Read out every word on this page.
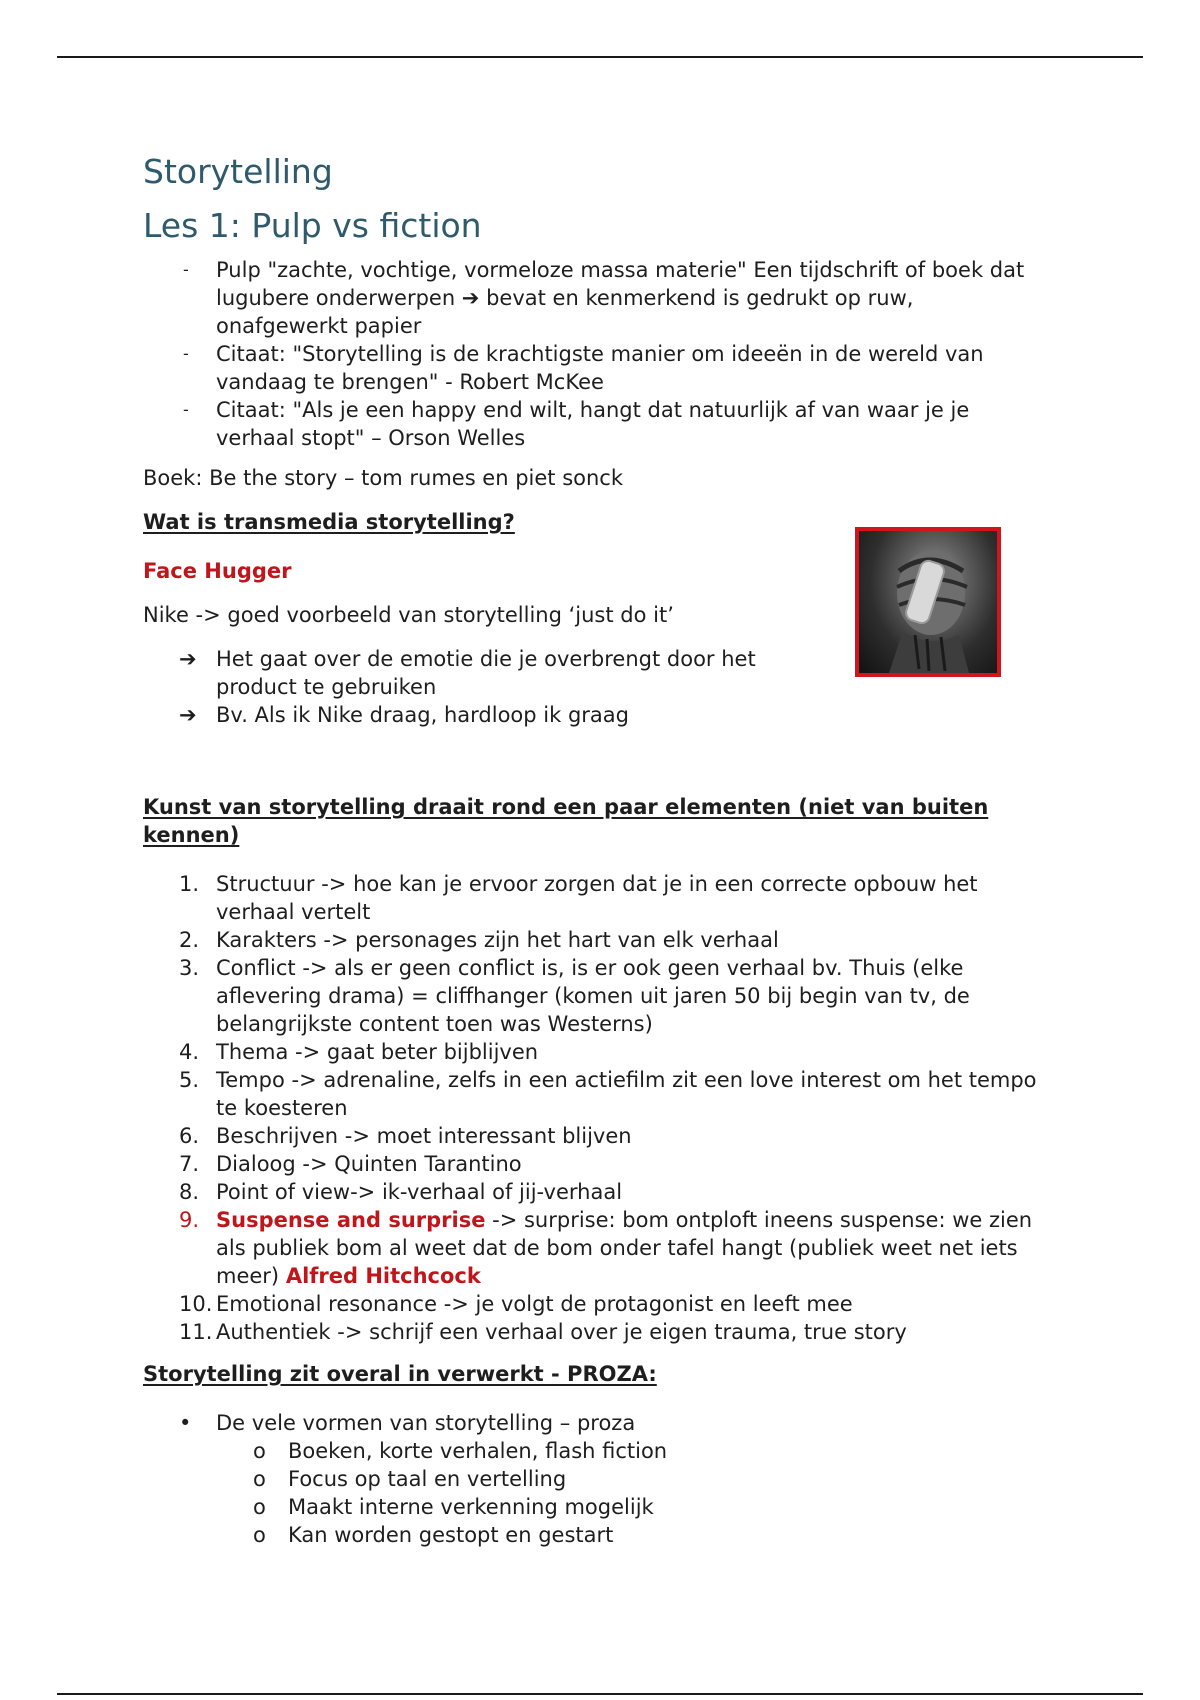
Storytelling
Les 1: Pulp vs fiction
- Pulp "zachte, vochtige, vormeloze massa materie" Een tijdschrift of boek dat lugubere onderwerpen ➔ bevat en kenmerkend is gedrukt op ruw, onafgewerkt papier
- Citaat: "Storytelling is de krachtigste manier om ideeën in de wereld van vandaag te brengen" - Robert McKee
- Citaat: "Als je een happy end wilt, hangt dat natuurlijk af van waar je je verhaal stopt" – Orson Welles

Boek: Be the story – tom rumes en piet sonck

Wat is transmedia storytelling?

Face Hugger

Nike -> goed voorbeeld van storytelling ‘just do it’

➔ Het gaat over de emotie die je overbrengt door het product te gebruiken
➔ Bv. Als ik Nike draag, hardloop ik graag

Kunst van storytelling draait rond een paar elementen (niet van buiten kennen)

1. Structuur -> hoe kan je ervoor zorgen dat je in een correcte opbouw het verhaal vertelt
2. Karakters -> personages zijn het hart van elk verhaal
3. Conflict -> als er geen conflict is, is er ook geen verhaal bv. Thuis (elke aflevering drama) = cliffhanger (komen uit jaren 50 bij begin van tv, de belangrijkste content toen was Westerns)
4. Thema -> gaat beter bijblijven
5. Tempo -> adrenaline, zelfs in een actiefilm zit een love interest om het tempo te koesteren
6. Beschrijven -> moet interessant blijven
7. Dialoog -> Quinten Tarantino
8. Point of view-> ik-verhaal of jij-verhaal
9. Suspense and surprise -> surprise: bom ontploft ineens suspense: we zien als publiek bom al weet dat de bom onder tafel hangt (publiek weet net iets meer) Alfred Hitchcock
10. Emotional resonance -> je volgt de protagonist en leeft mee
11. Authentiek -> schrijf een verhaal over je eigen trauma, true story

Storytelling zit overal in verwerkt - PROZA:

• De vele vormen van storytelling – proza
o Boeken, korte verhalen, flash fiction
o Focus op taal en vertelling
o Maakt interne verkenning mogelijk
o Kan worden gestopt en gestart
